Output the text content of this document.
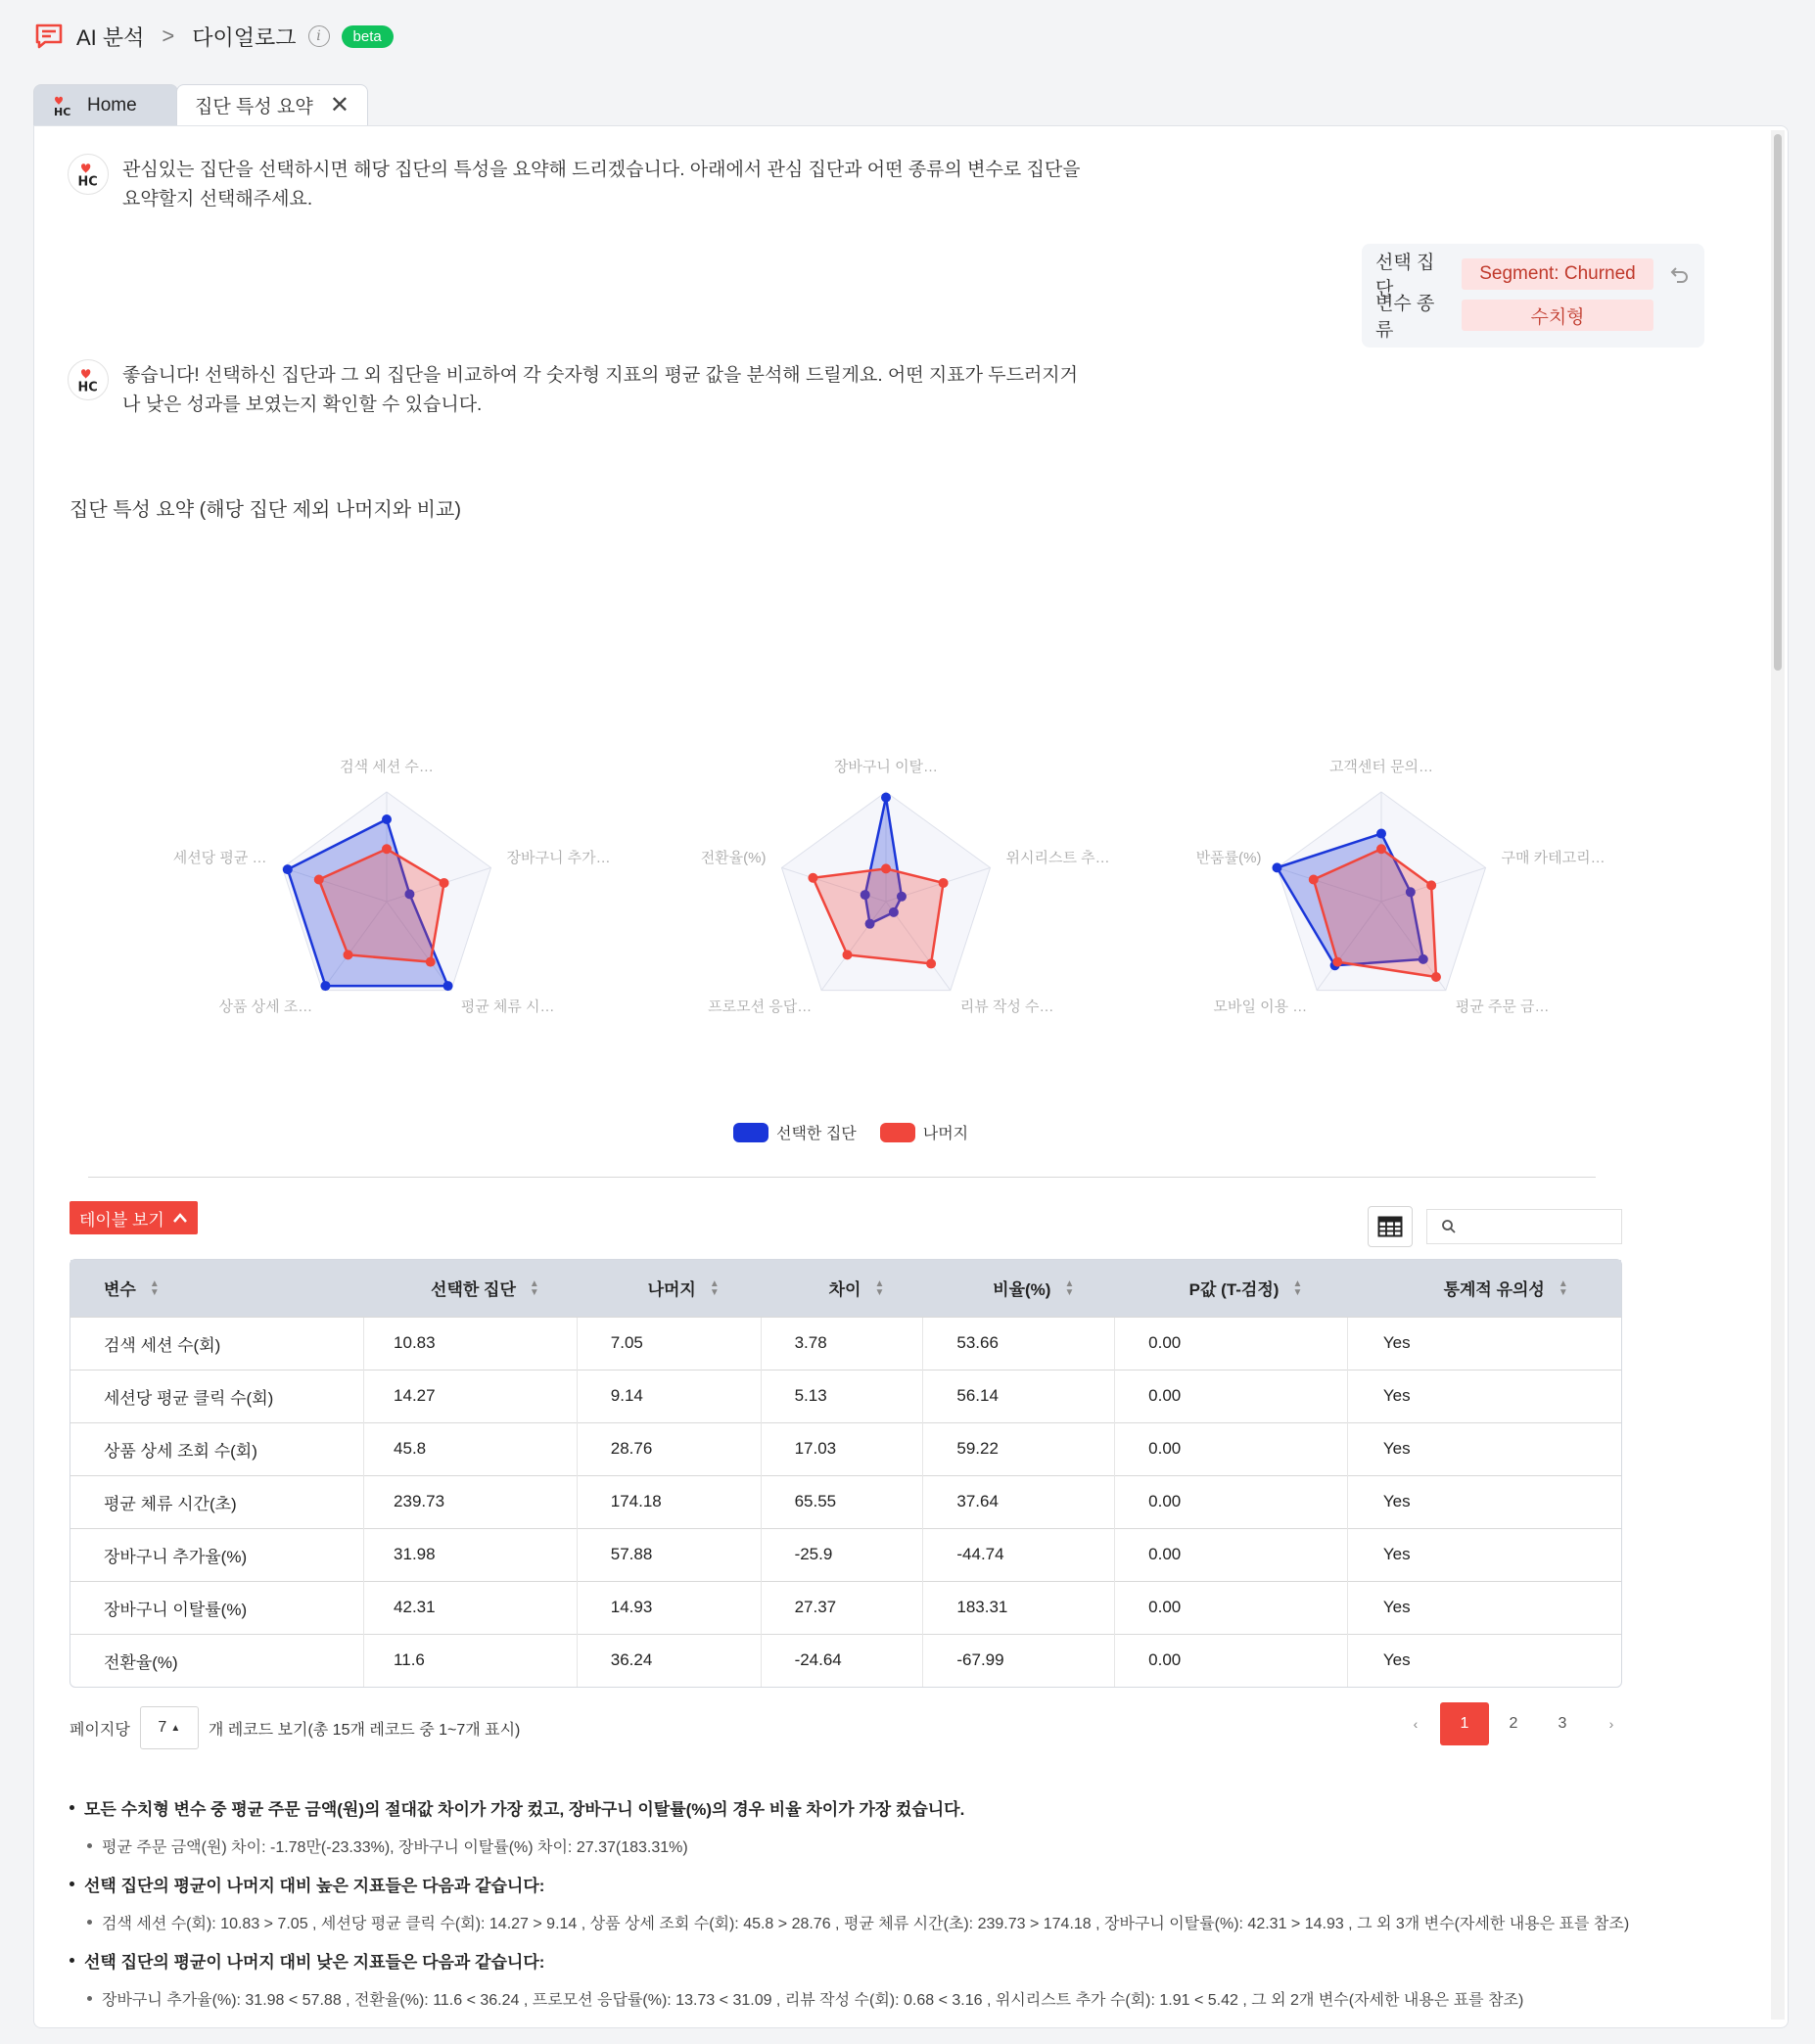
AI 분석 > 다이얼로그	i	beta
HC Home	집단 특성 요약 ✕
HC
관심있는 집단을 선택하시면 해당 집단의 특성을 요약해 드리겠습니다. 아래에서 관심 집단과 어떤 종류의 변수로 집단을 요약할지 선택해주세요.
선택 집단
Segment: Churned
변수 종류
수치형
HC
좋습니다! 선택하신 집단과 그 외 집단을 비교하여 각 숫자형 지표의 평균 값을 분석해 드릴게요. 어떤 지표가 두드러지거나 낮은 성과를 보였는지 확인할 수 있습니다.
집단 특성 요약 (해당 집단 제외 나머지와 비교)
검색 세션 수…
장바구니 추가…
평균 체류 시…
상품 상세 조…
세션당 평균 …
장바구니 이탈…
위시리스트 추…
리뷰 작성 수…
프로모션 응답…
전환율(%)
고객센터 문의…
구매 카테고리…
평균 주문 금…
모바일 이용 …
반품률(%)
선택한 집단	나머지
테이블 보기
변수 ▲
▼	선택한 집단 ▲
▼	나머지 ▲
▼	차이 ▲
▼	비율(%) ▲
▼	P값 (T-검정) ▲
▼	통계적 유의성 ▲
▼

검색 세션 수(회)	10.83	7.05	3.78	53.66	0.00	Yes
세션당 평균 클릭 수(회)	14.27	9.14	5.13	56.14	0.00	Yes
상품 상세 조회 수(회)	45.8	28.76	17.03	59.22	0.00	Yes
평균 체류 시간(초)	239.73	174.18	65.55	37.64	0.00	Yes
장바구니 추가율(%)	31.98	57.88	-25.9	-44.74	0.00	Yes
장바구니 이탈률(%)	42.31	14.93	27.37	183.31	0.00	Yes
전환율(%)	11.6	36.24	-24.64	-67.99	0.00	Yes
페이지당 7 ▲ 개 레코드 보기(총 15개 레코드 중 1~7개 표시)	‹	1	2	3	›
모든 수치형 변수 중 평균 주문 금액(원)의 절대값 차이가 가장 컸고, 장바구니 이탈률(%)의 경우 비율 차이가 가장 컸습니다.
평균 주문 금액(원) 차이: -1.78만(-23.33%), 장바구니 이탈률(%) 차이: 27.37(183.31%)
선택 집단의 평균이 나머지 대비 높은 지표들은 다음과 같습니다:
검색 세션 수(회): 10.83 > 7.05 , 세션당 평균 클릭 수(회): 14.27 > 9.14 , 상품 상세 조회 수(회): 45.8 > 28.76 , 평균 체류 시간(초): 239.73 > 174.18 , 장바구니 이탈률(%): 42.31 > 14.93 , 그 외 3개 변수(자세한 내용은 표를 참조)
선택 집단의 평균이 나머지 대비 낮은 지표들은 다음과 같습니다:
장바구니 추가율(%): 31.98 < 57.88 , 전환율(%): 11.6 < 36.24 , 프로모션 응답률(%): 13.73 < 31.09 , 리뷰 작성 수(회): 0.68 < 3.16 , 위시리스트 추가 수(회): 1.91 < 5.42 , 그 외 2개 변수(자세한 내용은 표를 참조)
